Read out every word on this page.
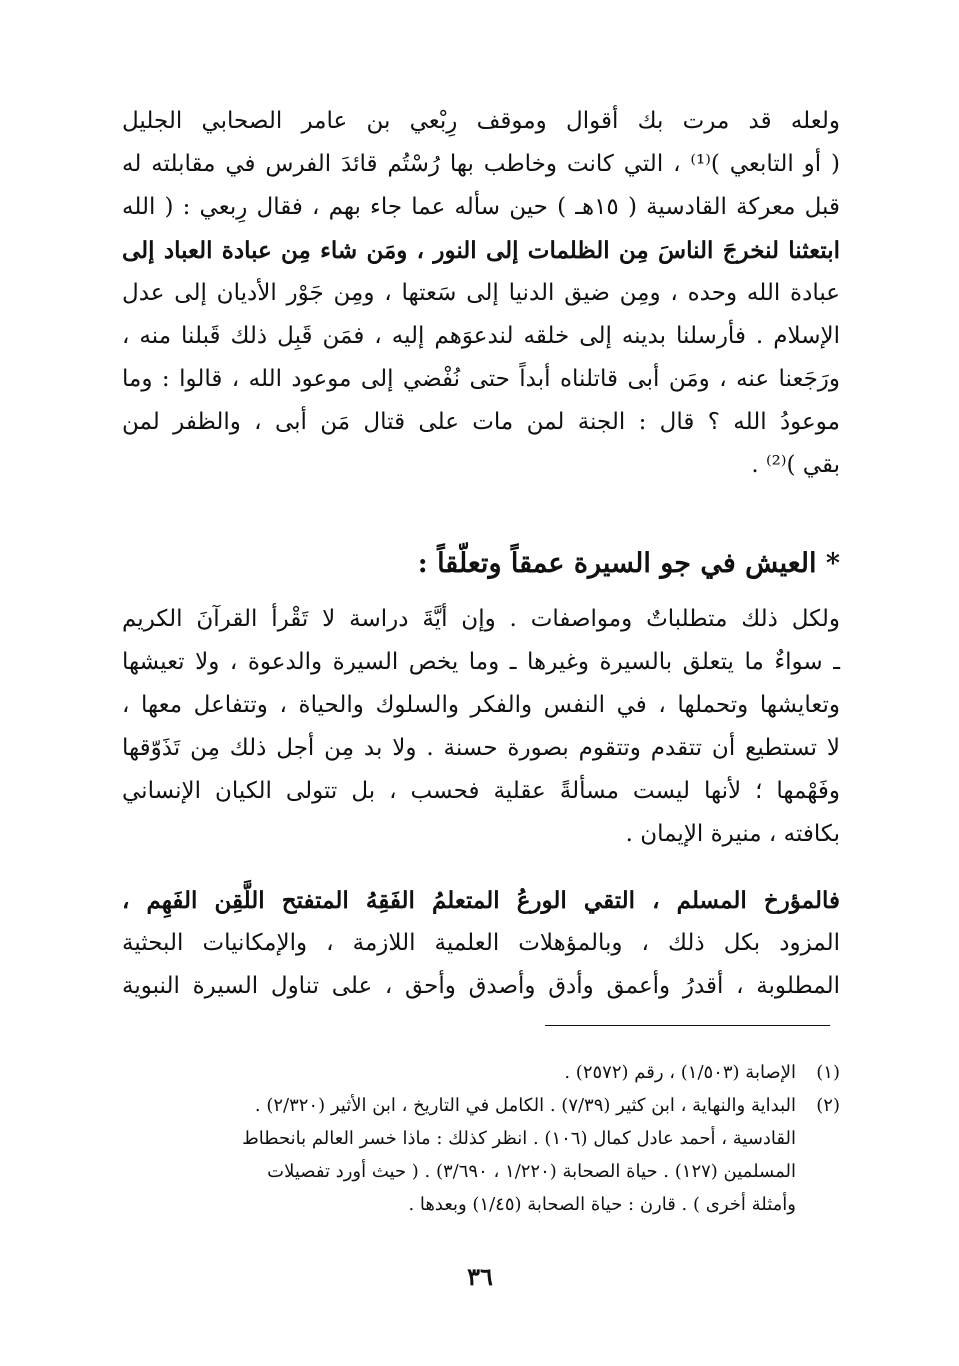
ولعله قد مرت بك أقوال وموقف رِبْعي بن عامر الصحابي الجليل
( أو التابعي )⁽¹⁾ ، التي كانت وخاطب بها رُسْتُم قائدَ الفرس في مقابلته له
قبل معركة القادسية ( ١٥هـ ) حين سأله عما جاء بهم ، فقال رِبعي : ( الله
ابتعثنا لنخرجَ الناسَ مِن الظلمات إلى النور ، ومَن شاء مِن عبادة العباد إلى
عبادة الله وحده ، ومِن ضيق الدنيا إلى سَعتها ، ومِن جَوْر الأديان إلى عدل
الإسلام . فأرسلنا بدينه إلى خلقه لندعوَهم إليه ، فمَن قَبِل ذلك قَبلنا منه ،
ورَجَعنا عنه ، ومَن أبى قاتلناه أبداً حتى نُفْضي إلى موعود الله ، قالوا : وما
موعودُ الله ؟ قال : الجنة لمن مات على قتال مَن أبى ، والظفر لمن
بقي )⁽²⁾ .
* العيش في جو السيرة عمقاً وتعلّقاً :
ولكل ذلك متطلباتٌ ومواصفات . وإن أيَّةَ دراسة لا تَقْرأ القرآنَ الكريم
ـ سواءٌ ما يتعلق بالسيرة وغيرها ـ وما يخص السيرة والدعوة ، ولا تعيشها
وتعايشها وتحملها ، في النفس والفكر والسلوك والحياة ، وتتفاعل معها ،
لا تستطيع أن تتقدم وتتقوم بصورة حسنة . ولا بد مِن أجل ذلك مِن تَذَوّقها
وفَهْمها ؛ لأنها ليست مسألةً عقلية فحسب ، بل تتولى الكيان الإنساني
بكافته ، منيرة الإيمان .
فالمؤرخ المسلم ، التقي الورعُ المتعلمُ الفَقِهُ المتفتح اللَّقِن الفَهِم ،
المزود بكل ذلك ، وبالمؤهلات العلمية اللازمة ، والإمكانيات البحثية
المطلوبة ، أقدرُ وأعمق وأدق وأصدق وأحق ، على تناول السيرة النبوية
(١)
الإصابة (١/٥٠٣) ، رقم (٢٥٧٢) .
(٢)
البداية والنهاية ، ابن كثير (٧/٣٩) . الكامل في التاريخ ، ابن الأثير (٢/٣٢٠) .
القادسية ، أحمد عادل كمال (١٠٦) . انظر كذلك : ماذا خسر العالم بانحطاط
المسلمين (١٢٧) . حياة الصحابة (١/٢٢٠ ، ٣/٦٩٠) . ( حيث أورد تفصيلات
وأمثلة أخرى ) . قارن : حياة الصحابة (١/٤٥) وبعدها .
٣٦
